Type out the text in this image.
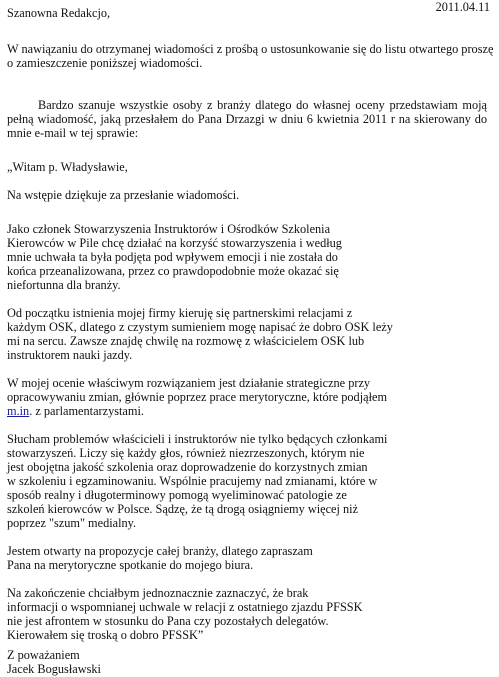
Szanowna Redakcjo,	2011.04.11
W nawiązaniu do otrzymanej wiadomości z prośbą o ustosunkowanie się do listu otwartego proszę
o zamieszczenie poniższej wiadomości.
Bardzo szanuje wszystkie osoby z branży dlatego do własnej oceny przedstawiam moją
pełną wiadomość, jaką przesłałem do Pana Drzazgi w dniu 6 kwietnia 2011 r na skierowany do
mnie e-mail w tej sprawie:
„Witam p. Władysławie,
Na wstępie dziękuje za przesłanie wiadomości.
Jako członek Stowarzyszenia Instruktorów i Ośrodków Szkolenia
Kierowców w Pile chcę działać na korzyść stowarzyszenia i według
mnie uchwała ta była podjęta pod wpływem emocji i nie została do
końca przeanalizowana, przez co prawdopodobnie może okazać się
niefortunna dla branży.
Od początku istnienia mojej firmy kieruję się partnerskimi relacjami z
każdym OSK, dlatego z czystym sumieniem mogę napisać że dobro OSK leży
mi na sercu. Zawsze znajdę chwilę na rozmowę z właścicielem OSK lub
instruktorem nauki jazdy.
W mojej ocenie właściwym rozwiązaniem jest działanie strategiczne przy
opracowywaniu zmian, głównie poprzez prace merytoryczne, które podjąłem
m.in. z parlamentarzystami.
Słucham problemów właścicieli i instruktorów nie tylko będących członkami
stowarzyszeń. Liczy się każdy głos, również niezrzeszonych, którym nie
jest obojętna jakość szkolenia oraz doprowadzenie do korzystnych zmian
w szkoleniu i egzaminowaniu. Wspólnie pracujemy nad zmianami, które w
sposób realny i długoterminowy pomogą wyeliminować patologie ze
szkoleń kierowców w Polsce. Sądzę, że tą drogą osiągniemy więcej niż
poprzez "szum" medialny.
Jestem otwarty na propozycje całej branży, dlatego zapraszam
Pana na merytoryczne spotkanie do mojego biura.
Na zakończenie chciałbym jednoznacznie zaznaczyć, że brak
informacji o wspomnianej uchwale w relacji z ostatniego zjazdu PFSSK
nie jest afrontem w stosunku do Pana czy pozostałych delegatów.
Kierowałem się troską o dobro PFSSK”
Z poważaniem
Jacek Bogusławski
